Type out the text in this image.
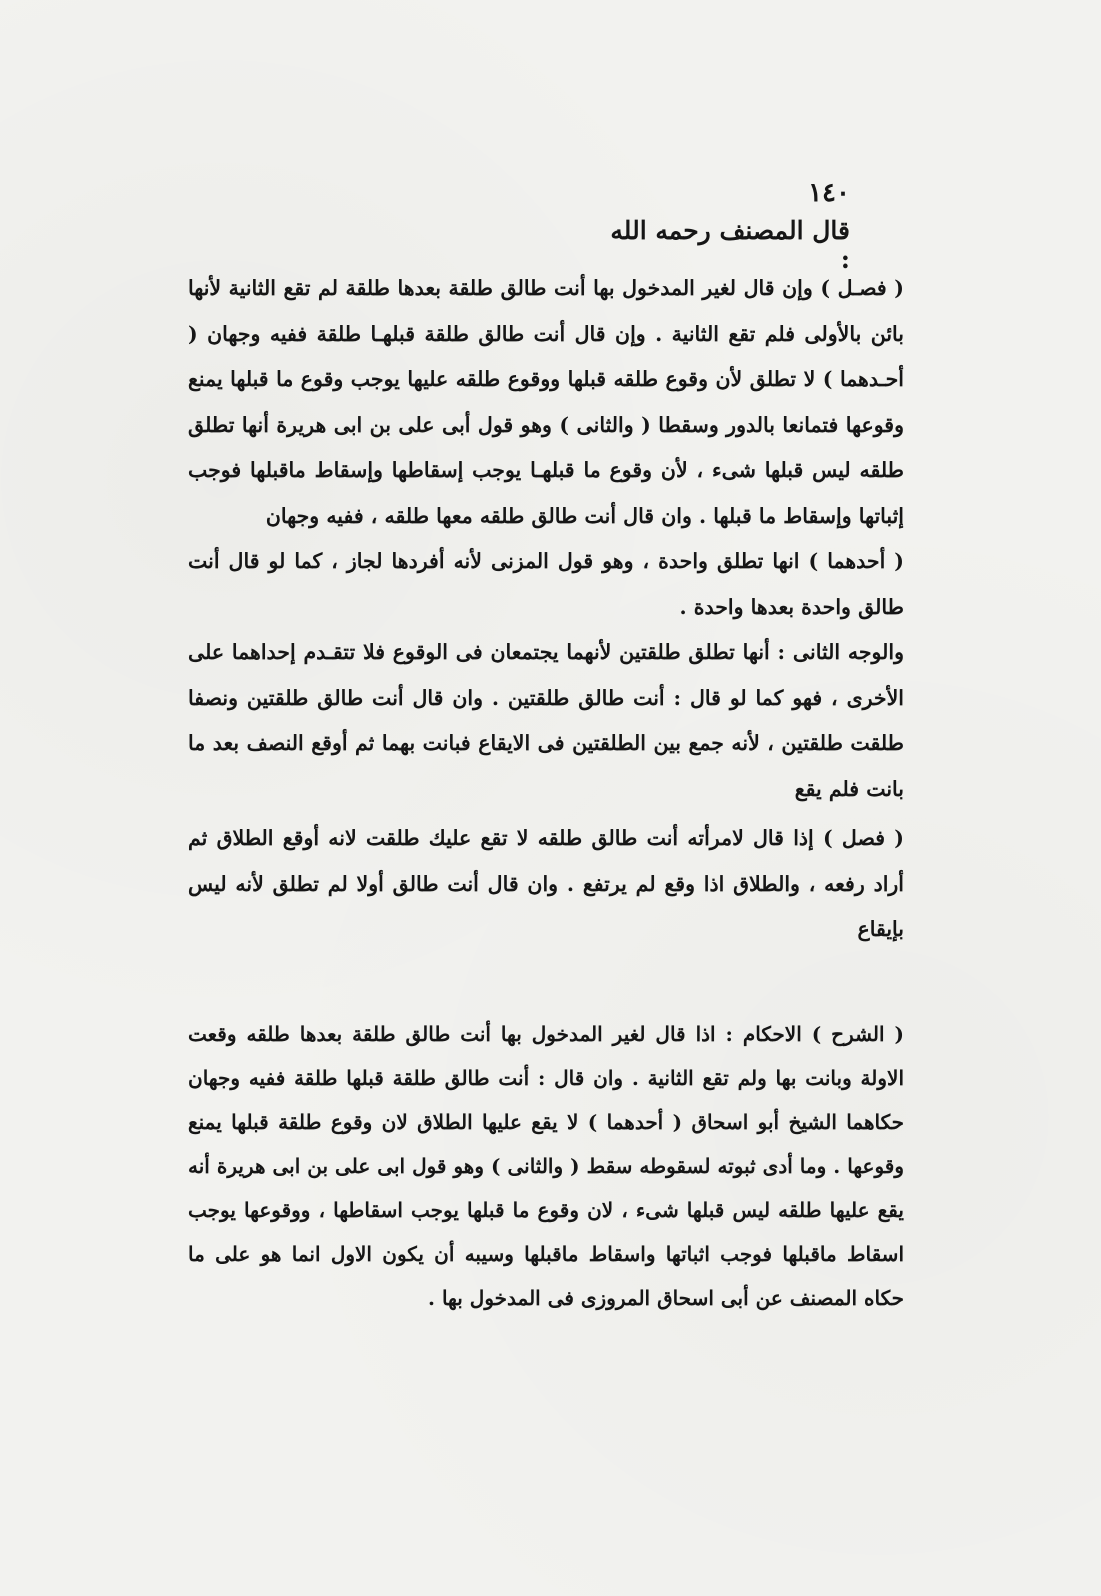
١٤٠
قال المصنف رحمه الله :

( فصـل ) وإن قال لغير المدخول بها أنت طالق طلقة بعدها طلقة لم تقع الثانية لأنها بائن بالأولى فلم تقع الثانية . وإن قال أنت طالق طلقة قبلهـا طلقة ففيه وجهان ( أحـدهما ) لا تطلق لأن وقوع طلقه قبلها ووقوع طلقه عليها يوجب وقوع ما قبلها يمنع وقوعها فتمانعا بالدور وسقطا ( والثانى ) وهو قول أبى على بن ابى هريرة أنها تطلق طلقه ليس قبلها شىء ، لأن وقوع ما قبلهـا يوجب إسقاطها وإسقاط ماقبلها فوجب إثباتها وإسقاط ما قبلها . وان قال أنت طالق طلقه معها طلقه ، ففيه وجهان

( أحدهما ) انها تطلق واحدة ، وهو قول المزنى لأنه أفردها لجاز ، كما لو قال أنت طالق واحدة بعدها واحدة .

والوجه الثانى : أنها تطلق طلقتين لأنهما يجتمعان فى الوقوع فلا تتقـدم إحداهما على الأخرى ، فهو كما لو قال : أنت طالق طلقتين . وان قال أنت طالق طلقتين ونصفا طلقت طلقتين ، لأنه جمع بين الطلقتين فى الايقاع فبانت بهما ثم أوقع النصف بعد ما بانت فلم يقع

( فصل ) إذا قال لامرأته أنت طالق طلقه لا تقع عليك طلقت لانه أوقع الطلاق ثم أراد رفعه ، والطلاق اذا وقع لم يرتفع . وان قال أنت طالق أولا لم تطلق لأنه ليس بإيقاع

( الشرح ) الاحكام : اذا قال لغير المدخول بها أنت طالق طلقة بعدها طلقه وقعت الاولة وبانت بها ولم تقع الثانية . وان قال : أنت طالق طلقة قبلها طلقة ففيه وجهان حكاهما الشيخ أبو اسحاق ( أحدهما ) لا يقع عليها الطلاق لان وقوع طلقة قبلها يمنع وقوعها . وما أدى ثبوته لسقوطه سقط ( والثانى ) وهو قول ابى على بن ابى هريرة أنه يقع عليها طلقه ليس قبلها شىء ، لان وقوع ما قبلها يوجب اسقاطها ، ووقوعها يوجب اسقاط ماقبلها فوجب اثباتها واسقاط ماقبلها وسيبه أن يكون الاول انما هو على ما حكاه المصنف عن أبى اسحاق المروزى فى المدخول بها .
